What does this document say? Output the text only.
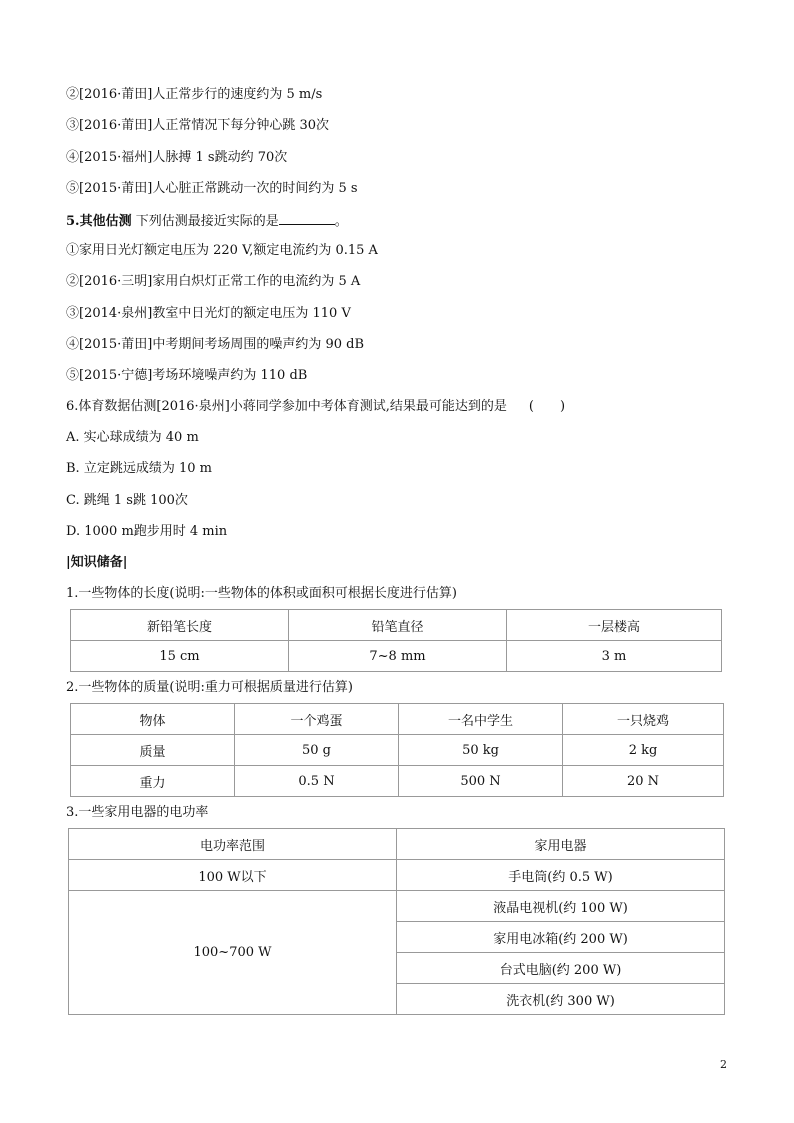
②[2016·莆田]人正常步行的速度约为 5 m/s
③[2016·莆田]人正常情况下每分钟心跳 30次
④[2015·福州]人脉搏 1 s跳动约 70次
⑤[2015·莆田]人心脏正常跳动一次的时间约为 5 s
5.其他估测 下列估测最接近实际的是	。
①家用日光灯额定电压为 220 V,额定电流约为 0.15 A
②[2016·三明]家用白炽灯正常工作的电流约为 5 A
③[2014·泉州]教室中日光灯的额定电压为 110 V
④[2015·莆田]中考期间考场周围的噪声约为 90 dB
⑤[2015·宁德]考场环境噪声约为 110 dB
6.体育数据估测[2016·泉州]小蒋同学参加中考体育测试,结果最可能达到的是 (　　)
A. 实心球成绩为 40 m
B. 立定跳远成绩为 10 m
C. 跳绳 1 s跳 100次
D. 1000 m跑步用时 4 min
|知识储备|
1.一些物体的长度(说明:一些物体的体积或面积可根据长度进行估算)
新铅笔长度	铅笔直径	一层楼高
15 cm	7~8 mm	3 m
2.一些物体的质量(说明:重力可根据质量进行估算)
物体	一个鸡蛋	一名中学生	一只烧鸡
质量	50 g	50 kg	2 kg
重力	0.5 N	500 N	20 N
3.一些家用电器的电功率
电功率范围	家用电器
100 W以下	手电筒(约 0.5 W)
100~700 W	液晶电视机(约 100 W)
	家用电冰箱(约 200 W)
	台式电脑(约 200 W)
	洗衣机(约 300 W)
2
